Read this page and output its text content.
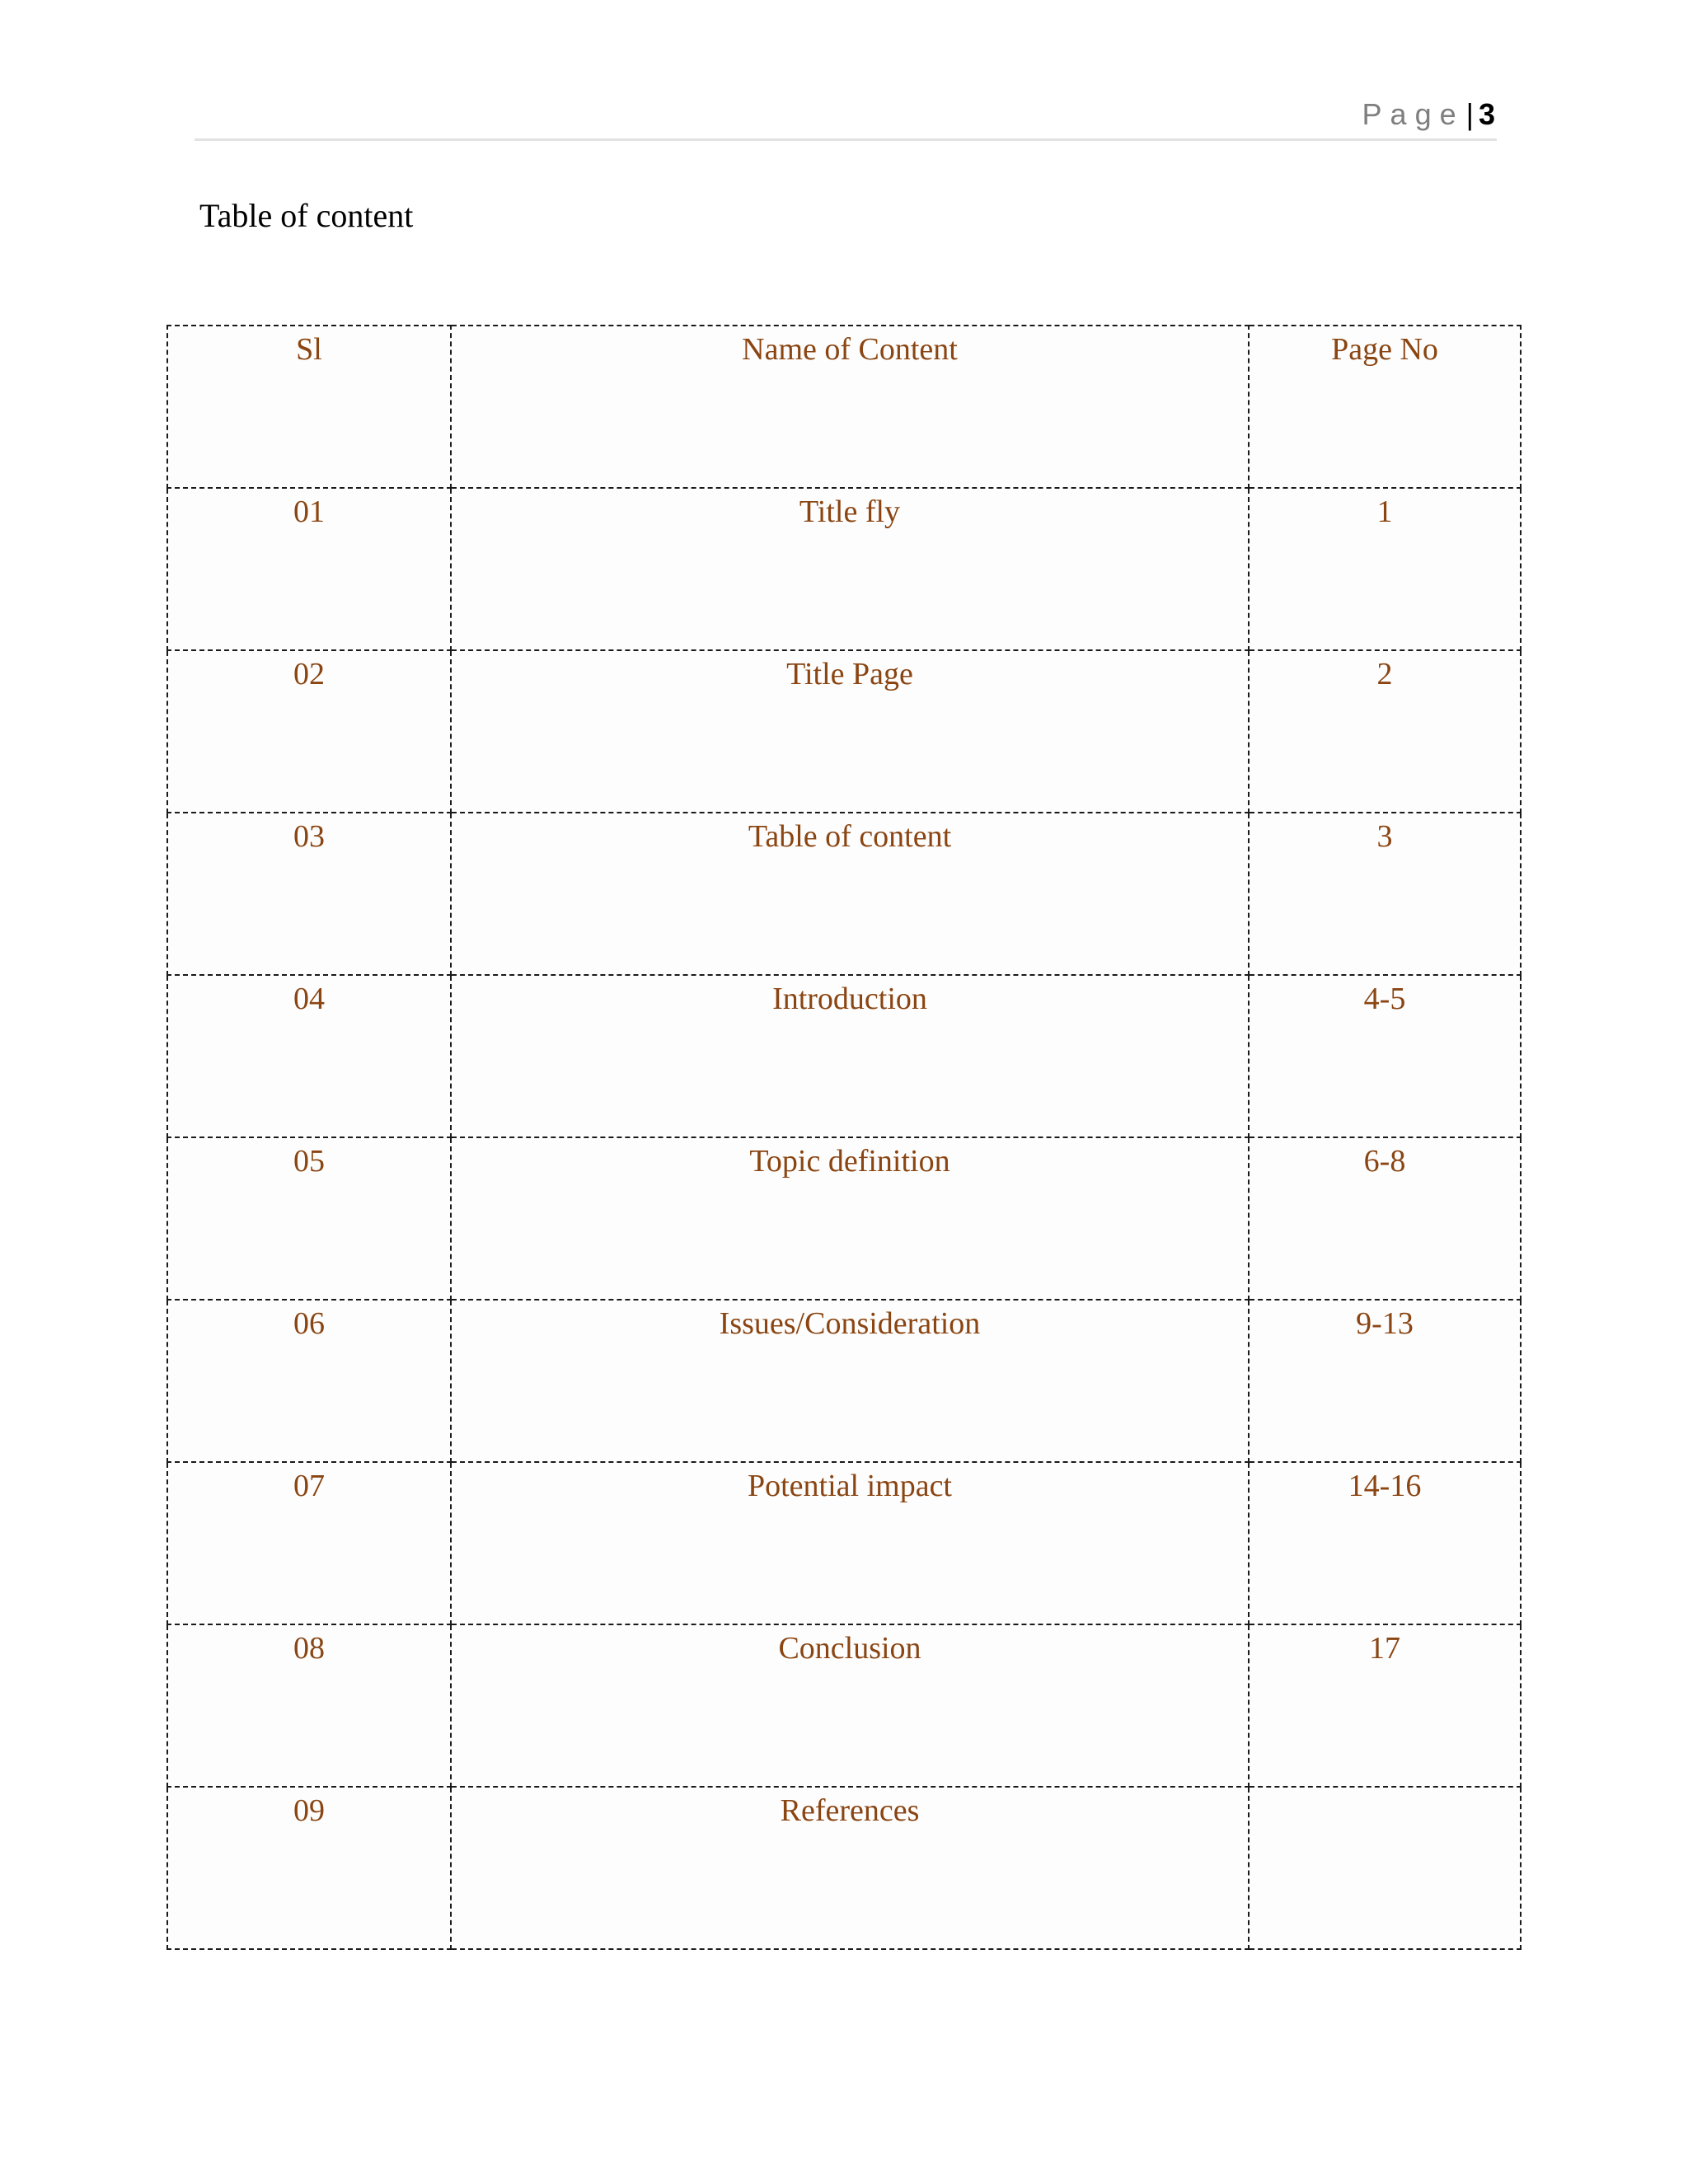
Page| 3
Table of content
Sl	Name of Content	Page No
01	Title fly	1
02	Title Page	2
03	Table of content	3
04	Introduction	4-5
05	Topic definition	6-8
06	Issues/Consideration	9-13
07	Potential impact	14-16
08	Conclusion	17
09	References	
